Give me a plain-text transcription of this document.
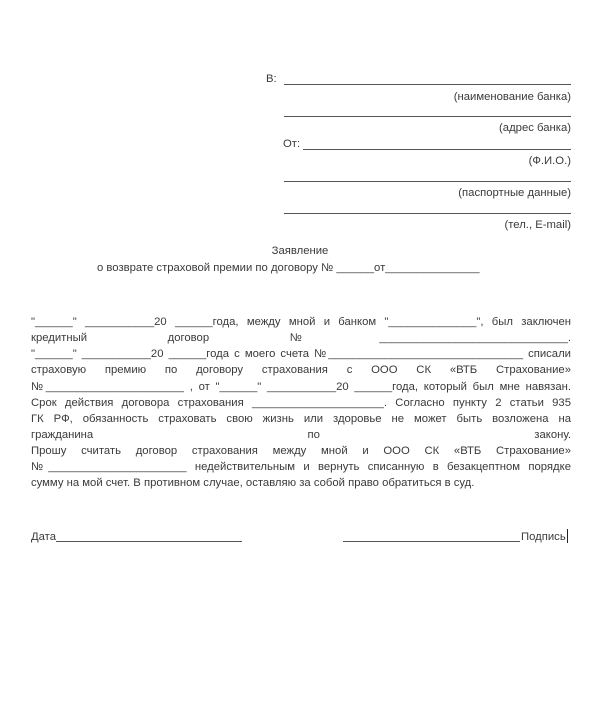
В:
(наименование банка)
(адрес банка)
От:
(Ф.И.О.)
(паспортные данные)
(тел., E-mail)
Заявление
о возврате страховой премии по договору № ______от_______________
"______" ___________20 ______года, между мной и банком "______________", был заключен
кредитный договор №______________________________.
"______" ___________20 ______года с моего счета №_______________________________ списали
страховую премию по договору страхования с ООО СК «ВТБ Страхование»
№______________________ , от "______" ___________20 ______года, который был мне навязан.
Срок действия договора страхования _____________________. Согласно пункту 2 статьи 935
ГК РФ, обязанность страховать свою жизнь или здоровье не может быть возложена на
гражданина по закону.
Прошу считать договор страхования между мной и ООО СК «ВТБ Страхование»
№______________________ недействительным и вернуть списанную в безакцептном порядке
сумму на мой счет. В противном случае, оставляю за собой право обратиться в суд.
Дата	Подпись
